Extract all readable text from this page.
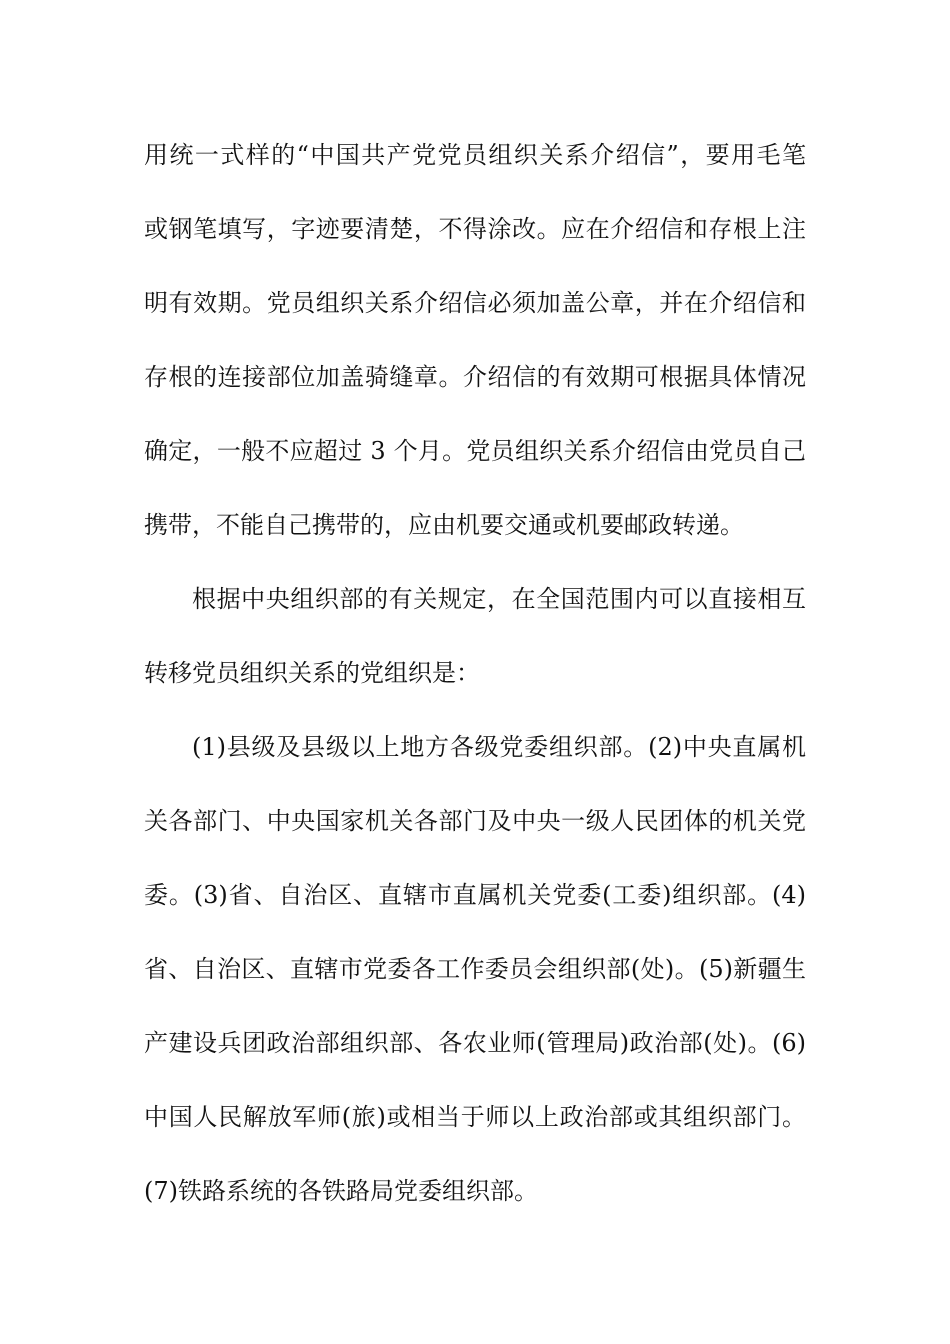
用统一式样的“中国共产党党员组织关系介绍信”，要用毛笔
或钢笔填写，字迹要清楚，不得涂改。应在介绍信和存根上注
明有效期。党员组织关系介绍信必须加盖公章，并在介绍信和
存根的连接部位加盖骑缝章。介绍信的有效期可根据具体情况
确定，一般不应超过 3 个月。党员组织关系介绍信由党员自己
携带，不能自己携带的，应由机要交通或机要邮政转递。
根据中央组织部的有关规定，在全国范围内可以直接相互
转移党员组织关系的党组织是：
(1)县级及县级以上地方各级党委组织部。(2)中央直属机
关各部门、中央国家机关各部门及中央一级人民团体的机关党
委。(3)省、自治区、直辖市直属机关党委(工委)组织部。(4)
省、自治区、直辖市党委各工作委员会组织部(处)。(5)新疆生
产建设兵团政治部组织部、各农业师(管理局)政治部(处)。(6)
中国人民解放军师(旅)或相当于师以上政治部或其组织部门。
(7)铁路系统的各铁路局党委组织部。
